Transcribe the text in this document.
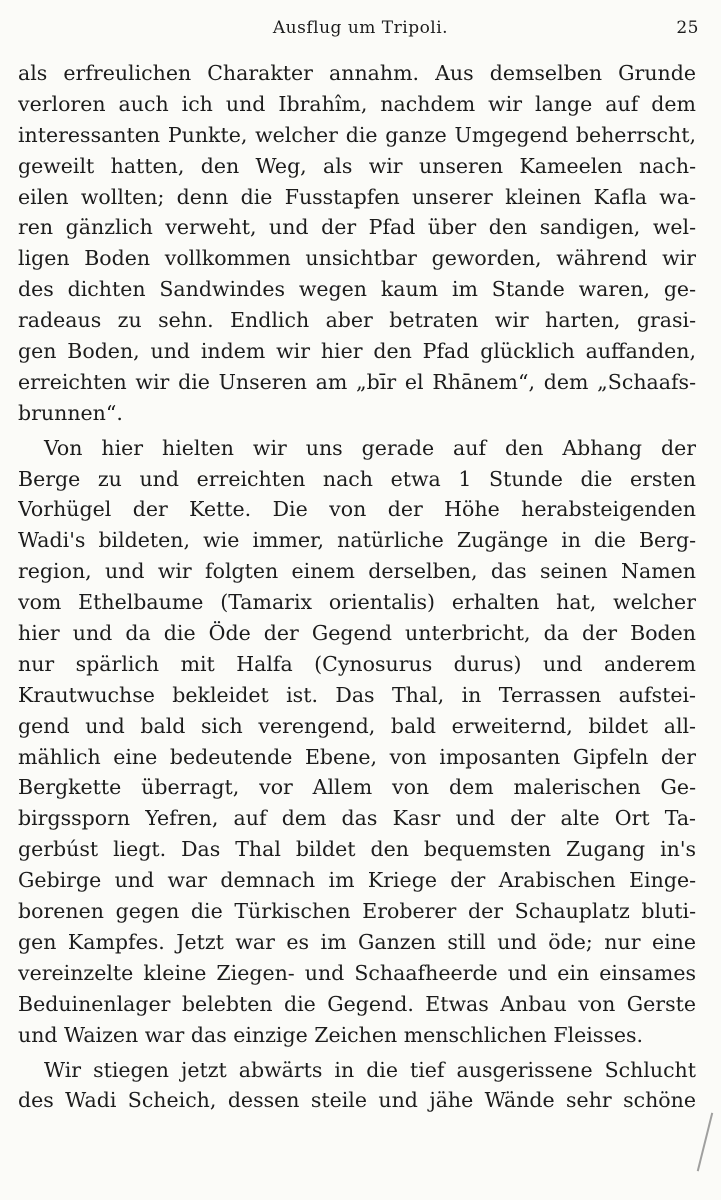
Ausflug um Tripoli.	25
als erfreulichen Charakter annahm. Aus demselben Grunde
verloren auch ich und Ibrahîm, nachdem wir lange auf dem
interessanten Punkte, welcher die ganze Umgegend beherrscht,
geweilt hatten, den Weg, als wir unseren Kameelen nach-
eilen wollten; denn die Fusstapfen unserer kleinen Kafla wa-
ren gänzlich verweht, und der Pfad über den sandigen, wel-
ligen Boden vollkommen unsichtbar geworden, während wir
des dichten Sandwindes wegen kaum im Stande waren, ge-
radeaus zu sehn. Endlich aber betraten wir harten, grasi-
gen Boden, und indem wir hier den Pfad glücklich auffanden,
erreichten wir die Unseren am „bīr el Rhānem“, dem „Schaafs-
brunnen“.
Von hier hielten wir uns gerade auf den Abhang der
Berge zu und erreichten nach etwa 1 Stunde die ersten
Vorhügel der Kette. Die von der Höhe herabsteigenden
Wadi's bildeten, wie immer, natürliche Zugänge in die Berg-
region, und wir folgten einem derselben, das seinen Namen
vom Ethelbaume (Tamarix orientalis) erhalten hat, welcher
hier und da die Öde der Gegend unterbricht, da der Boden
nur spärlich mit Halfa (Cynosurus durus) und anderem
Krautwuchse bekleidet ist. Das Thal, in Terrassen aufstei-
gend und bald sich verengend, bald erweiternd, bildet all-
mählich eine bedeutende Ebene, von imposanten Gipfeln der
Bergkette überragt, vor Allem von dem malerischen Ge-
birgssporn Yefren, auf dem das Kasr und der alte Ort Ta-
gerbúst liegt. Das Thal bildet den bequemsten Zugang in's
Gebirge und war demnach im Kriege der Arabischen Einge-
borenen gegen die Türkischen Eroberer der Schauplatz bluti-
gen Kampfes. Jetzt war es im Ganzen still und öde; nur eine
vereinzelte kleine Ziegen- und Schaafheerde und ein einsames
Beduinenlager belebten die Gegend. Etwas Anbau von Gerste
und Waizen war das einzige Zeichen menschlichen Fleisses.
Wir stiegen jetzt abwärts in die tief ausgerissene Schlucht
des Wadi Scheich, dessen steile und jähe Wände sehr schöne
